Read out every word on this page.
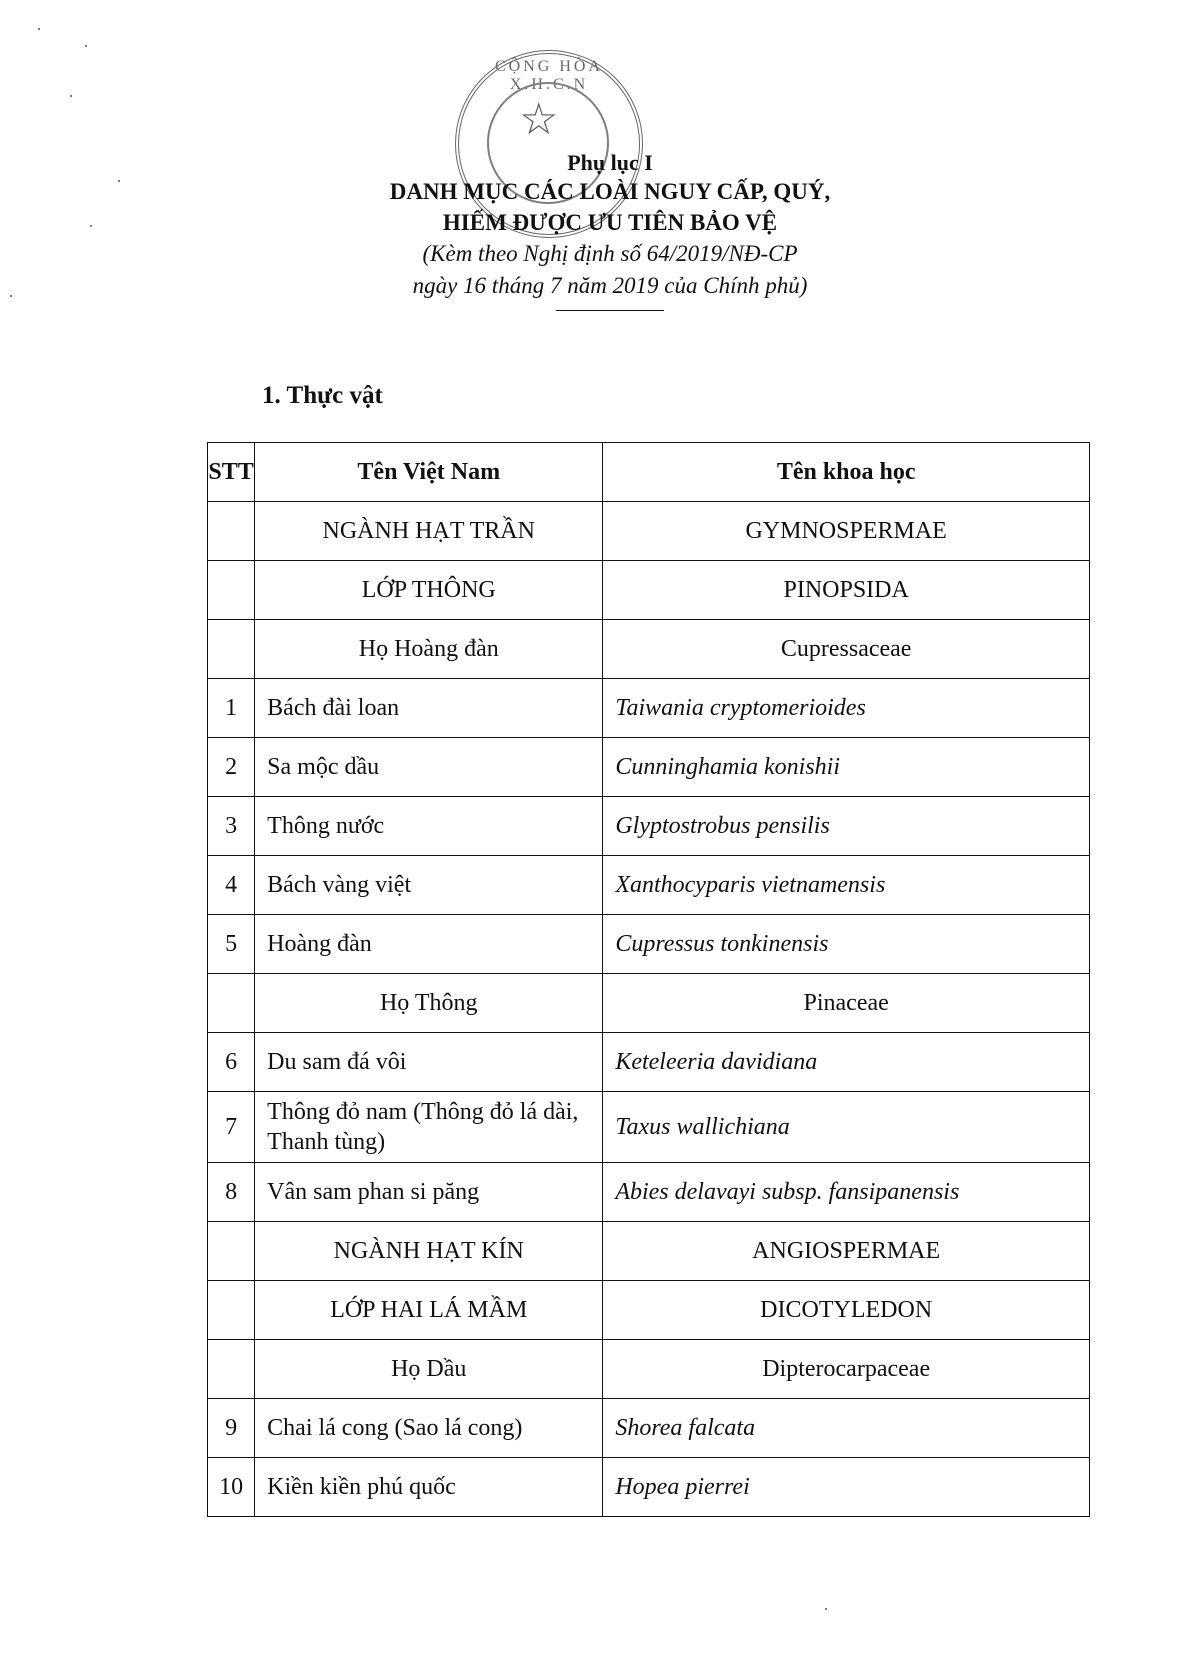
CỘNG HÒA X.H.C.N
☆
Phụ lục I
DANH MỤC CÁC LOÀI NGUY CẤP, QUÝ,
HIẾM ĐƯỢC ƯU TIÊN BẢO VỆ
(Kèm theo Nghị định số 64/2019/NĐ-CP
ngày 16 tháng 7 năm 2019 của Chính phủ)
1. Thực vật
STT	Tên Việt Nam	Tên khoa học
	NGÀNH HẠT TRẦN	GYMNOSPERMAE
	LỚP THÔNG	PINOPSIDA
	Họ Hoàng đàn	Cupressaceae
1	Bách đài loan	Taiwania cryptomerioides
2	Sa mộc dầu	Cunninghamia konishii
3	Thông nước	Glyptostrobus pensilis
4	Bách vàng việt	Xanthocyparis vietnamensis
5	Hoàng đàn	Cupressus tonkinensis
	Họ Thông	Pinaceae
6	Du sam đá vôi	Keteleeria davidiana
7	Thông đỏ nam (Thông đỏ lá dài, Thanh tùng)	Taxus wallichiana
8	Vân sam phan si păng	Abies delavayi subsp. fansipanensis
	NGÀNH HẠT KÍN	ANGIOSPERMAE
	LỚP HAI LÁ MẦM	DICOTYLEDON
	Họ Dầu	Dipterocarpaceae
9	Chai lá cong (Sao lá cong)	Shorea falcata
10	Kiền kiền phú quốc	Hopea pierrei
